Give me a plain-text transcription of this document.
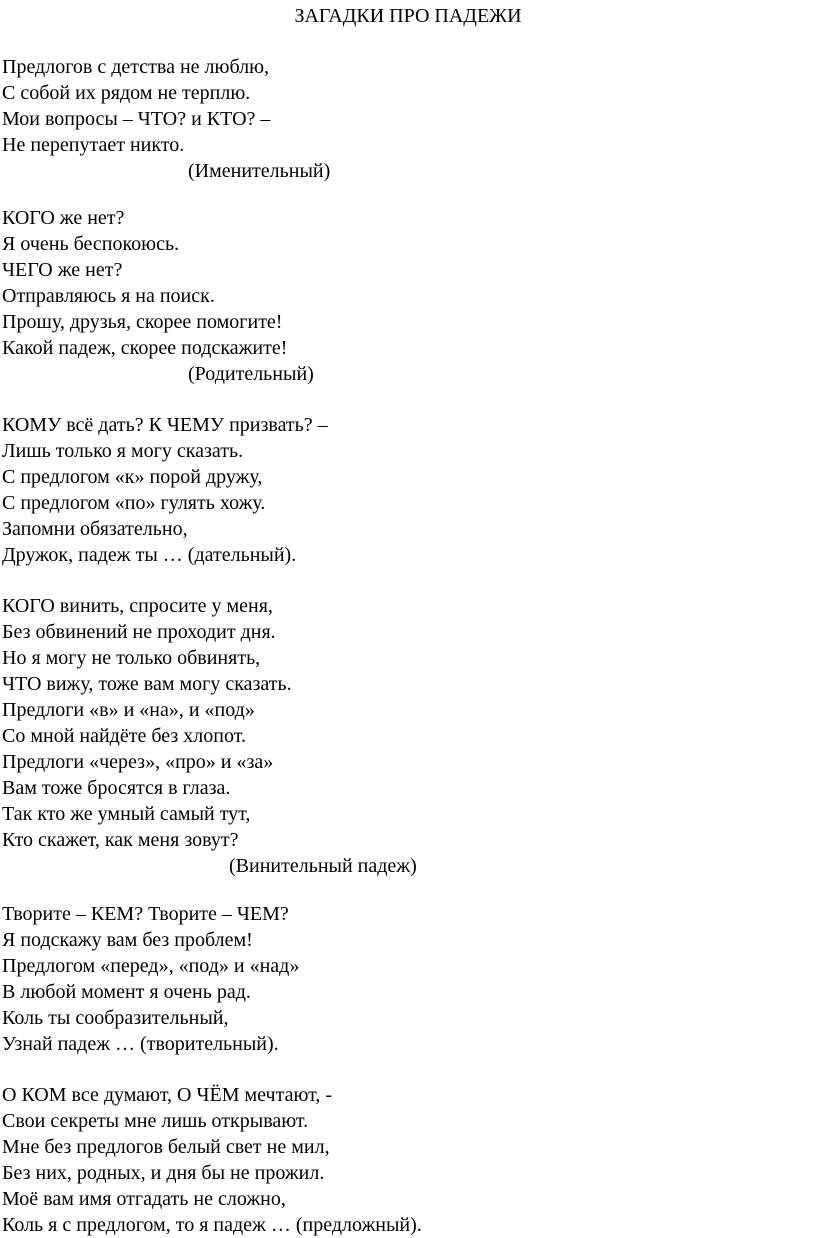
ЗАГАДКИ ПРО ПАДЕЖИ
Предлогов с детства не люблю,
С собой их рядом не терплю.
Мои вопросы – ЧТО? и КТО? –
Не перепутает никто.
(Именительный)
КОГО же нет?
Я очень беспокоюсь.
ЧЕГО же нет?
Отправляюсь я на поиск.
Прошу, друзья, скорее помогите!
Какой падеж, скорее подскажите!
(Родительный)
КОМУ всё дать? К ЧЕМУ призвать? –
Лишь только я могу сказать.
С предлогом «к» порой дружу,
С предлогом «по» гулять хожу.
Запомни обязательно,
Дружок, падеж ты … (дательный).
КОГО винить, спросите у меня,
Без обвинений не проходит дня.
Но я могу не только обвинять,
ЧТО вижу, тоже вам могу сказать.
Предлоги «в» и «на», и «под»
Со мной найдёте без хлопот.
Предлоги «через», «про» и «за»
Вам тоже бросятся в глаза.
Так кто же умный самый тут,
Кто скажет, как меня зовут?
(Винительный падеж)
Творите – КЕМ? Творите – ЧЕМ?
Я подскажу вам без проблем!
Предлогом «перед», «под» и «над»
В любой момент я очень рад.
Коль ты сообразительный,
Узнай падеж … (творительный).
О КОМ все думают, О ЧЁМ мечтают, -
Свои секреты мне лишь открывают.
Мне без предлогов белый свет не мил,
Без них, родных, и дня бы не прожил.
Моё вам имя отгадать не сложно,
Коль я с предлогом, то я падеж … (предложный).
